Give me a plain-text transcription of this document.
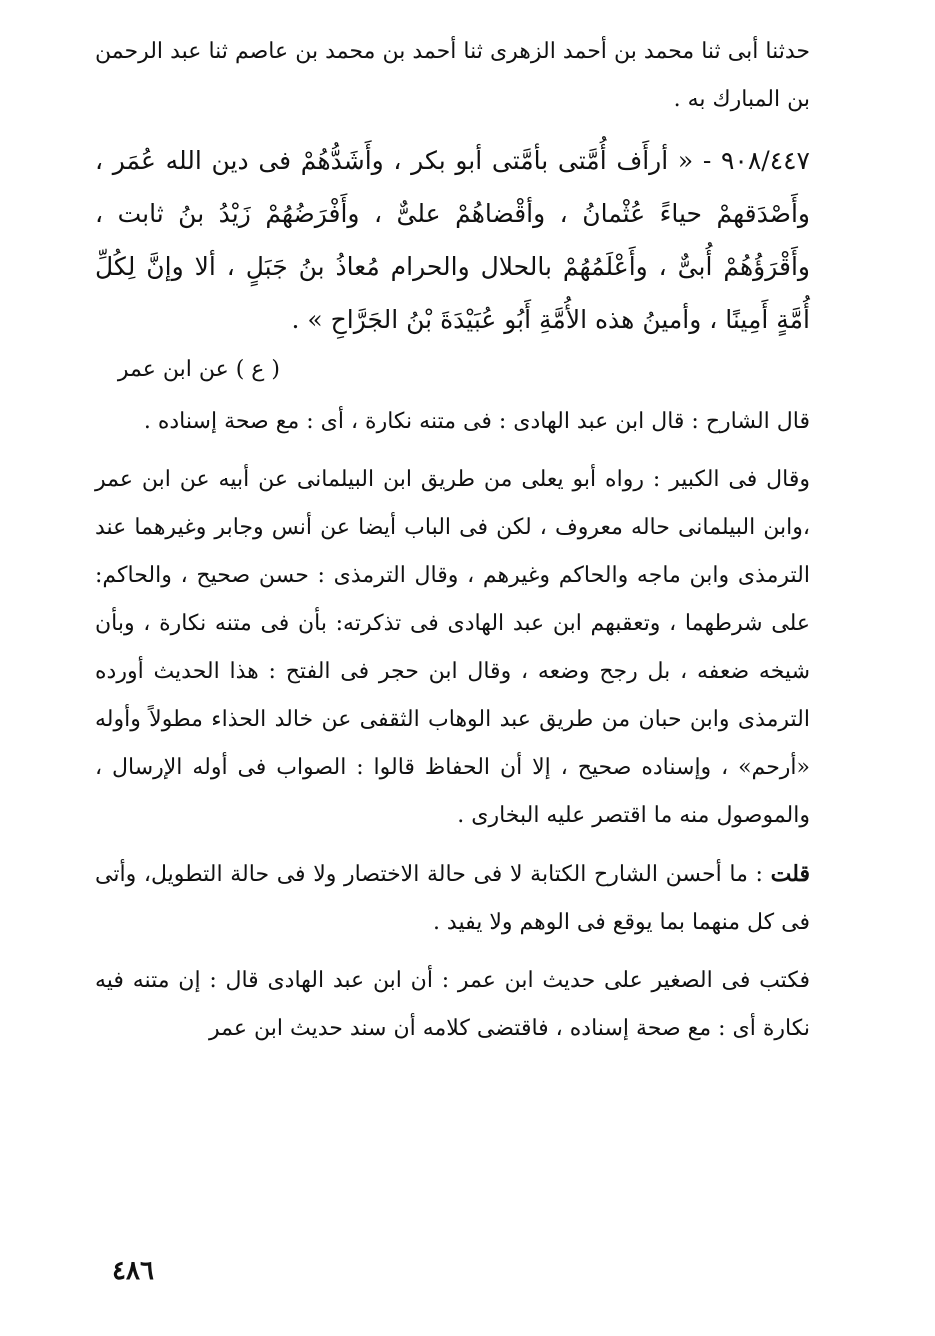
حدثنا أبى ثنا محمد بن أحمد الزهرى ثنا أحمد بن محمد بن عاصم ثنا عبد الرحمن بن المبارك به .

٩٠٨/٤٤٧ - « أرأَف أُمَّتى بأمَّتى أبو بكر ، وأَشَدُّهُمْ فى دين الله عُمَر ، وأَصْدَقهمْ حياءً عُثْمانُ ، وأقْضاهُمْ علىٌّ ، وأَفْرَضُهُمْ زَيْدُ بنُ ثابت ، وأَقْرَؤُهُمْ أُبىٌّ ، وأَعْلَمُهُمْ بالحلال والحرام مُعاذُ بنُ جَبَلٍ ، ألا وإنَّ لِكُلِّ أُمَّةٍ أَمِينًا ، وأمينُ هذه الأُمَّةِ أَبُو عُبَيْدَةَ بْنُ الجَرَّاحِ » .

( ع ) عن ابن عمر

قال الشارح : قال ابن عبد الهادى : فى متنه نكارة ، أى : مع صحة إسناده .

وقال فى الكبير : رواه أبو يعلى من طريق ابن البيلمانى عن أبيه عن ابن عمر ،وابن البيلمانى حاله معروف ، لكن فى الباب أيضا عن أنس وجابر وغيرهما عند الترمذى وابن ماجه والحاكم وغيرهم ، وقال الترمذى : حسن صحيح ، والحاكم: على شرطهما ، وتعقبهم ابن عبد الهادى فى تذكرته: بأن فى متنه نكارة ، وبأن شيخه ضعفه ، بل رجح وضعه ، وقال ابن حجر فى الفتح : هذا الحديث أورده الترمذى وابن حبان من طريق عبد الوهاب الثقفى عن خالد الحذاء مطولاً وأوله «أرحم» ، وإسناده صحيح ، إلا أن الحفاظ قالوا : الصواب فى أوله الإرسال ، والموصول منه ما اقتصر عليه البخارى .

قلت : ما أحسن الشارح الكتابة لا فى حالة الاختصار ولا فى حالة التطويل، وأتى فى كل منهما بما يوقع فى الوهم ولا يفيد .

فكتب فى الصغير على حديث ابن عمر : أن ابن عبد الهادى قال : إن متنه فيه نكارة أى : مع صحة إسناده ، فاقتضى كلامه أن سند حديث ابن عمر

٤٨٦
